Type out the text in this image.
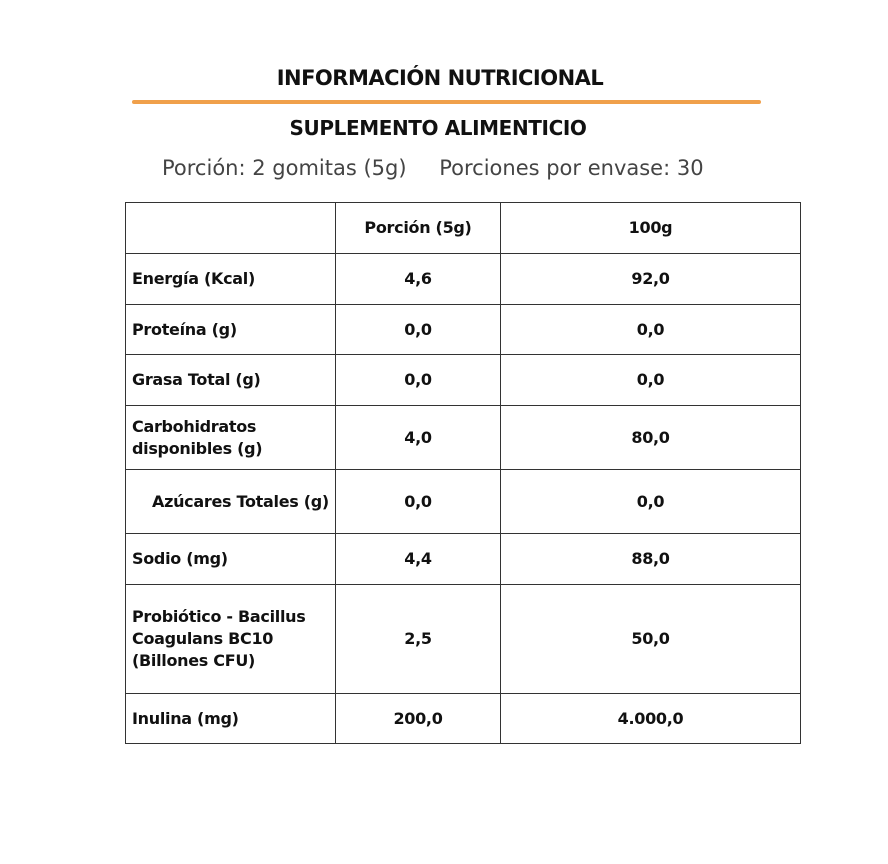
INFORMACIÓN NUTRICIONAL
SUPLEMENTO ALIMENTICIO
Porción: 2 gomitas (5g) Porciones por envase: 30
	Porción (5g)	100g
Energía (Kcal)	4,6	92,0
Proteína (g)	0,0	0,0
Grasa Total (g)	0,0	0,0

Carbohidratos
disponibles (g)	4,0	80,0
Azúcares Totales (g)	0,0	0,0
Sodio (mg)	4,4	88,0

Probiótico - Bacillus
Coagulans BC10
(Billones CFU)	2,5	50,0
Inulina (mg)	200,0	4.000,0
